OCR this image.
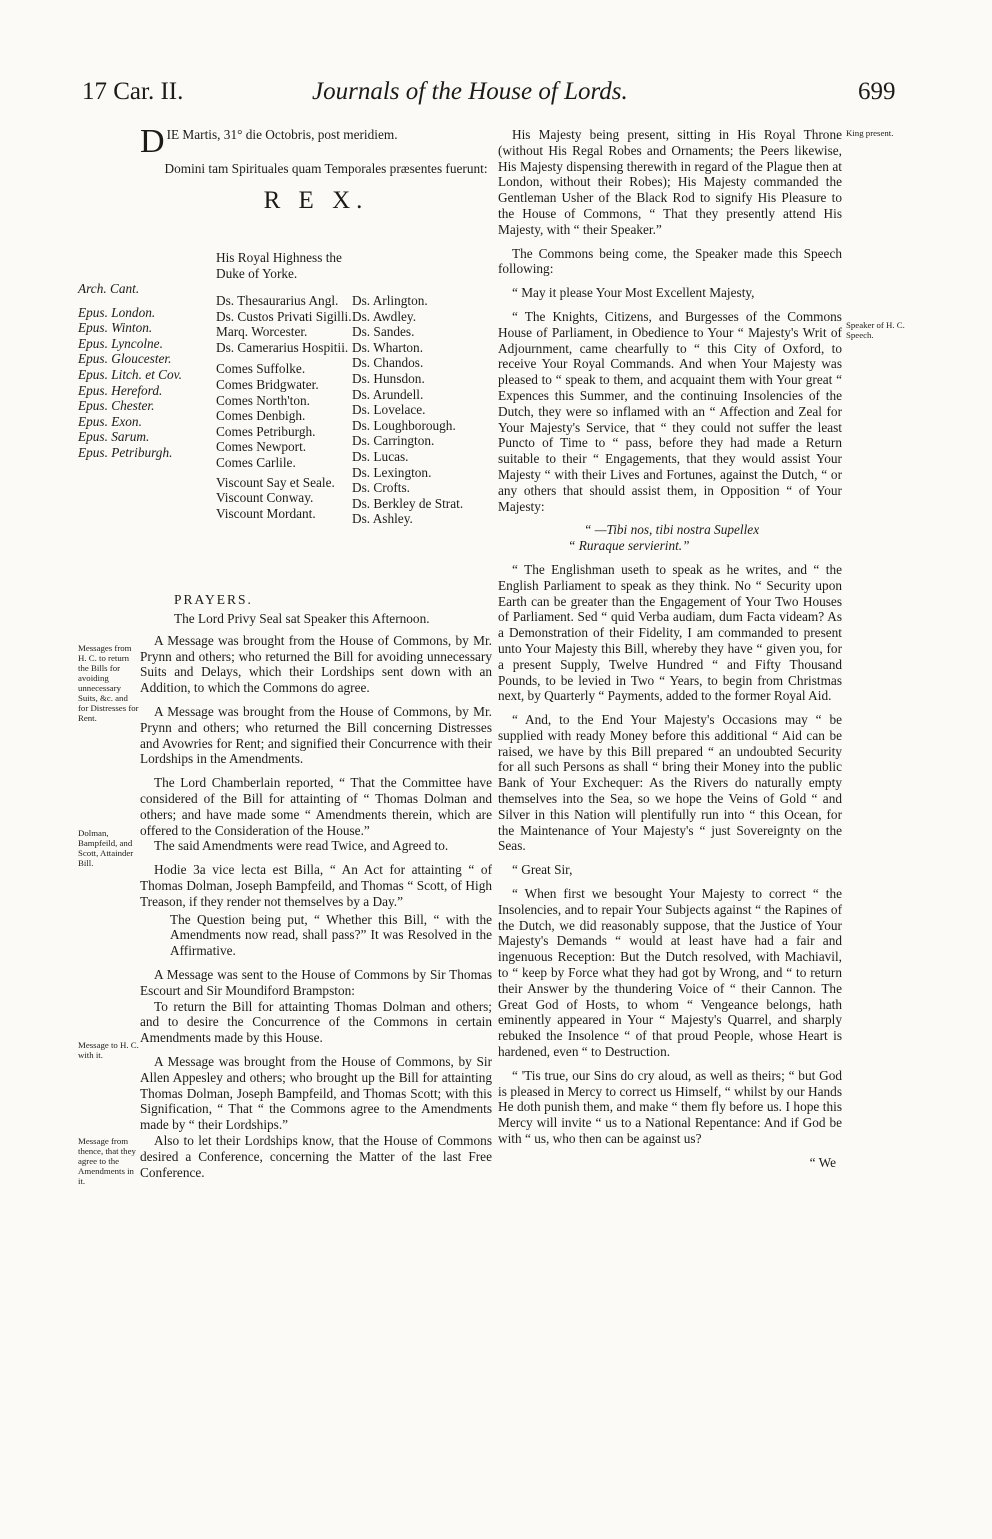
17 Car. II.	Journals of the House of Lords.	699
D IE Martis, 31° die Octobris, post meridiem.
Domini tam Spirituales quam Temporales præsentes fuerunt:
R E X.
Arch. Cant.
Epus. London.
Epus. Winton.
Epus. Lyncolne.
Epus. Gloucester.
Epus. Litch. et Cov.
Epus. Hereford.
Epus. Chester.
Epus. Exon.
Epus. Sarum.
Epus. Petriburgh.
His Royal Highness the Duke of Yorke.
Ds. Thesaurarius Angl.
Ds. Custos Privati Sigilli.
Marq. Worcester.
Ds. Camerarius Hospitii.
Comes Suffolke.
Comes Bridgwater.
Comes North'ton.
Comes Denbigh.
Comes Petriburgh.
Comes Newport.
Comes Carlile.
Viscount Say et Seale.
Viscount Conway.
Viscount Mordant.
Ds. Arlington.
Ds. Awdley.
Ds. Sandes.
Ds. Wharton.
Ds. Chandos.
Ds. Hunsdon.
Ds. Arundell.
Ds. Lovelace.
Ds. Loughborough.
Ds. Carrington.
Ds. Lucas.
Ds. Lexington.
Ds. Crofts.
Ds. Berkley de Strat.
Ds. Ashley.
PRAYERS.
The Lord Privy Seal sat Speaker this Afternoon.
A Message was brought from the House of Commons, by Mr. Prynn and others; who returned the Bill for avoiding unnecessary Suits and Delays, which their Lordships sent down with an Addition, to which the Commons do agree.
A Message was brought from the House of Commons, by Mr. Prynn and others; who returned the Bill concerning Distresses and Avowries for Rent; and signified their Concurrence with their Lordships in the Amendments.
The Lord Chamberlain reported, “ That the Committee have considered of the Bill for attainting of “ Thomas Dolman and others; and have made some “ Amendments therein, which are offered to the Consideration of the House.”
The said Amendments were read Twice, and Agreed to.
Hodie 3a vice lecta est Billa, “ An Act for attainting “ of Thomas Dolman, Joseph Bampfeild, and Thomas “ Scott, of High Treason, if they render not themselves by a Day.”
The Question being put, “ Whether this Bill, “ with the Amendments now read, shall pass?” It was Resolved in the Affirmative.
A Message was sent to the House of Commons by Sir Thomas Escourt and Sir Moundiford Brampston:
To return the Bill for attainting Thomas Dolman and others; and to desire the Concurrence of the Commons in certain Amendments made by this House.
A Message was brought from the House of Commons, by Sir Allen Appesley and others; who brought up the Bill for attainting Thomas Dolman, Joseph Bampfeild, and Thomas Scott; with this Signification, “ That “ the Commons agree to the Amendments made by “ their Lordships.”
Also to let their Lordships know, that the House of Commons desired a Conference, concerning the Matter of the last Free Conference.
Messages from H. C. to return the Bills for avoiding unnecessary Suits, &c. and for Distresses for Rent.
Dolman, Bampfeild, and Scott, Attainder Bill.
Message to H. C. with it.
Message from thence, that they agree to the Amendments in it.
King present.
Speaker of H. C. Speech.
His Majesty being present, sitting in His Royal Throne (without His Regal Robes and Ornaments; the Peers likewise, His Majesty dispensing therewith in regard of the Plague then at London, without their Robes); His Majesty commanded the Gentleman Usher of the Black Rod to signify His Pleasure to the House of Commons, “ That they presently attend His Majesty, with “ their Speaker.”
The Commons being come, the Speaker made this Speech following:
“ May it please Your Most Excellent Majesty,
“ The Knights, Citizens, and Burgesses of the Commons House of Parliament, in Obedience to Your “ Majesty's Writ of Adjournment, came chearfully to “ this City of Oxford, to receive Your Royal Commands. And when Your Majesty was pleased to “ speak to them, and acquaint them with Your great “ Expences this Summer, and the continuing Insolencies of the Dutch, they were so inflamed with an “ Affection and Zeal for Your Majesty's Service, that “ they could not suffer the least Puncto of Time to “ pass, before they had made a Return suitable to their “ Engagements, that they would assist Your Majesty “ with their Lives and Fortunes, against the Dutch, “ or any others that should assist them, in Opposition “ of Your Majesty:
“ —Tibi nos, tibi nostra Supellex
“ Ruraque servierint.”
“ The Englishman useth to speak as he writes, and “ the English Parliament to speak as they think. No “ Security upon Earth can be greater than the Engagement of Your Two Houses of Parliament. Sed “ quid Verba audiam, dum Facta videam? As a Demonstration of their Fidelity, I am commanded to present unto Your Majesty this Bill, whereby they have “ given you, for a present Supply, Twelve Hundred “ and Fifty Thousand Pounds, to be levied in Two “ Years, to begin from Christmas next, by Quarterly “ Payments, added to the former Royal Aid.
“ And, to the End Your Majesty's Occasions may “ be supplied with ready Money before this additional “ Aid can be raised, we have by this Bill prepared “ an undoubted Security for all such Persons as shall “ bring their Money into the public Bank of Your Exchequer: As the Rivers do naturally empty themselves into the Sea, so we hope the Veins of Gold “ and Silver in this Nation will plentifully run into “ this Ocean, for the Maintenance of Your Majesty's “ just Sovereignty on the Seas.
“ Great Sir,
“ When first we besought Your Majesty to correct “ the Insolencies, and to repair Your Subjects against “ the Rapines of the Dutch, we did reasonably suppose, that the Justice of Your Majesty's Demands “ would at least have had a fair and ingenuous Reception: But the Dutch resolved, with Machiavil, to “ keep by Force what they had got by Wrong, and “ to return their Answer by the thundering Voice of “ their Cannon. The Great God of Hosts, to whom “ Vengeance belongs, hath eminently appeared in Your “ Majesty's Quarrel, and sharply rebuked the Insolence “ of that proud People, whose Heart is hardened, even “ to Destruction.
“ 'Tis true, our Sins do cry aloud, as well as theirs; “ but God is pleased in Mercy to correct us Himself, “ whilst by our Hands He doth punish them, and make “ them fly before us. I hope this Mercy will invite “ us to a National Repentance: And if God be with “ us, who then can be against us?
“ We
